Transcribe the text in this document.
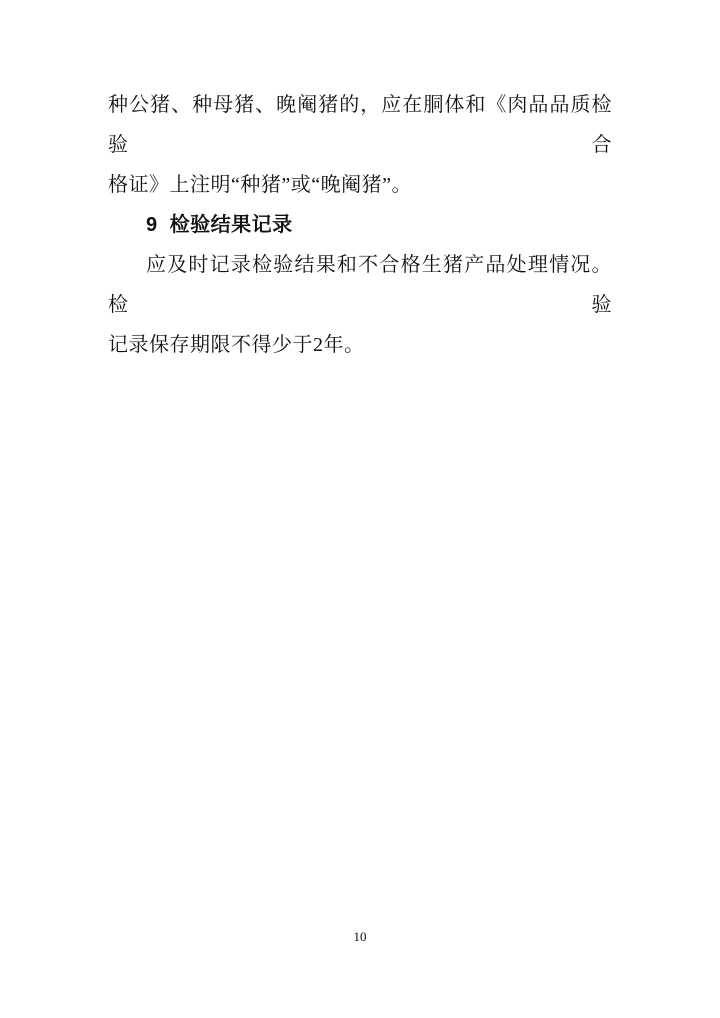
种公猪、种母猪、晚阉猪的，应在胴体和《肉品品质检验合

格证》上注明“种猪”或“晚阉猪”。

9 检验结果记录

应及时记录检验结果和不合格生猪产品处理情况。检验

记录保存期限不得少于2年。

10
